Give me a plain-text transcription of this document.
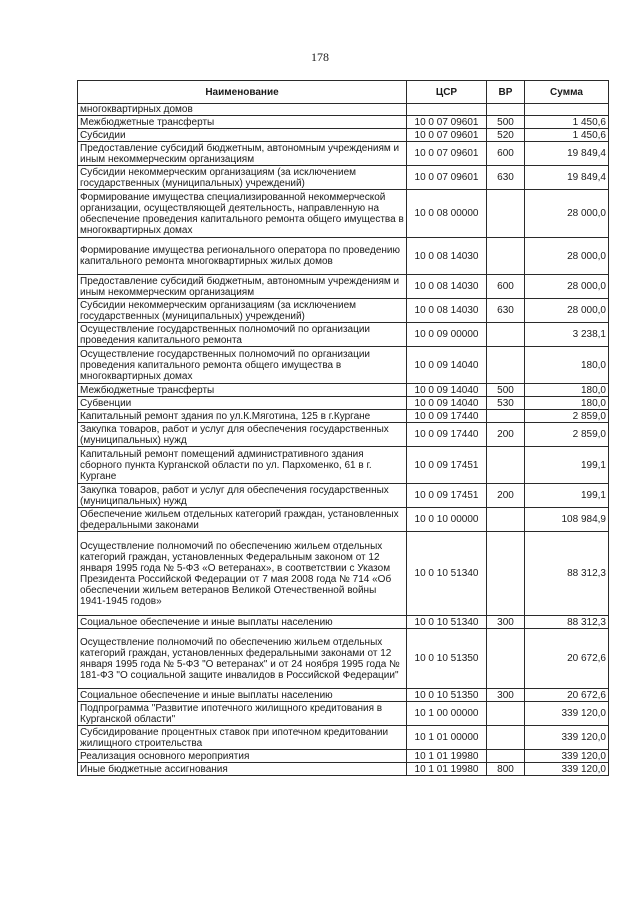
178
Наименование	ЦСР	ВР	Сумма
многоквартирных домов			
Межбюджетные трансферты	10 0 07 09601	500	1 450,6
Субсидии	10 0 07 09601	520	1 450,6
Предоставление субсидий бюджетным, автономным учреждениям и иным некоммерческим организациям	10 0 07 09601	600	19 849,4
Субсидии некоммерческим организациям (за исключением государственных (муниципальных) учреждений)	10 0 07 09601	630	19 849,4
Формирование имущества специализированной некоммерческой организации, осуществляющей деятельность, направленную на обеспечение проведения капитального ремонта общего имущества в многоквартирных домах	10 0 08 00000		28 000,0
Формирование имущества регионального оператора по проведению капитального ремонта многоквартирных жилых домов	10 0 08 14030		28 000,0
Предоставление субсидий бюджетным, автономным учреждениям и иным некоммерческим организациям	10 0 08 14030	600	28 000,0
Субсидии некоммерческим организациям (за исключением государственных (муниципальных) учреждений)	10 0 08 14030	630	28 000,0
Осуществление государственных полномочий по организации проведения капитального ремонта	10 0 09 00000		3 238,1
Осуществление государственных полномочий по организации проведения капитального ремонта общего имущества в многоквартирных домах	10 0 09 14040		180,0
Межбюджетные трансферты	10 0 09 14040	500	180,0
Субвенции	10 0 09 14040	530	180,0
Капитальный ремонт здания по ул.К.Мяготина, 125 в г.Кургане	10 0 09 17440		2 859,0
Закупка товаров, работ и услуг для обеспечения государственных (муниципальных) нужд	10 0 09 17440	200	2 859,0
Капитальный ремонт помещений административного здания сборного пункта Курганской области по ул. Пархоменко, 61 в г. Кургане	10 0 09 17451		199,1
Закупка товаров, работ и услуг для обеспечения государственных (муниципальных) нужд	10 0 09 17451	200	199,1
Обеспечение жильем отдельных категорий граждан, установленных федеральными законами	10 0 10 00000		108 984,9
Осуществление полномочий по обеспечению жильем отдельных категорий граждан, установленных Федеральным законом от 12 января 1995 года № 5-ФЗ «О ветеранах», в соответствии с Указом Президента Российской Федерации от 7 мая 2008 года № 714 «Об обеспечении жильем ветеранов Великой Отечественной войны 1941-1945 годов»	10 0 10 51340		88 312,3
Социальное обеспечение и иные выплаты населению	10 0 10 51340	300	88 312,3
Осуществление полномочий по обеспечению жильем отдельных категорий граждан, установленных федеральными законами от 12 января 1995 года № 5-ФЗ "О ветеранах" и от 24 ноября 1995 года № 181-ФЗ "О социальной защите инвалидов в Российской Федерации"	10 0 10 51350		20 672,6
Социальное обеспечение и иные выплаты населению	10 0 10 51350	300	20 672,6
Подпрограмма "Развитие ипотечного жилищного кредитования в Курганской области"	10 1 00 00000		339 120,0
Субсидирование процентных ставок при ипотечном кредитовании жилищного строительства	10 1 01 00000		339 120,0
Реализация основного мероприятия	10 1 01 19980		339 120,0
Иные бюджетные ассигнования	10 1 01 19980	800	339 120,0
